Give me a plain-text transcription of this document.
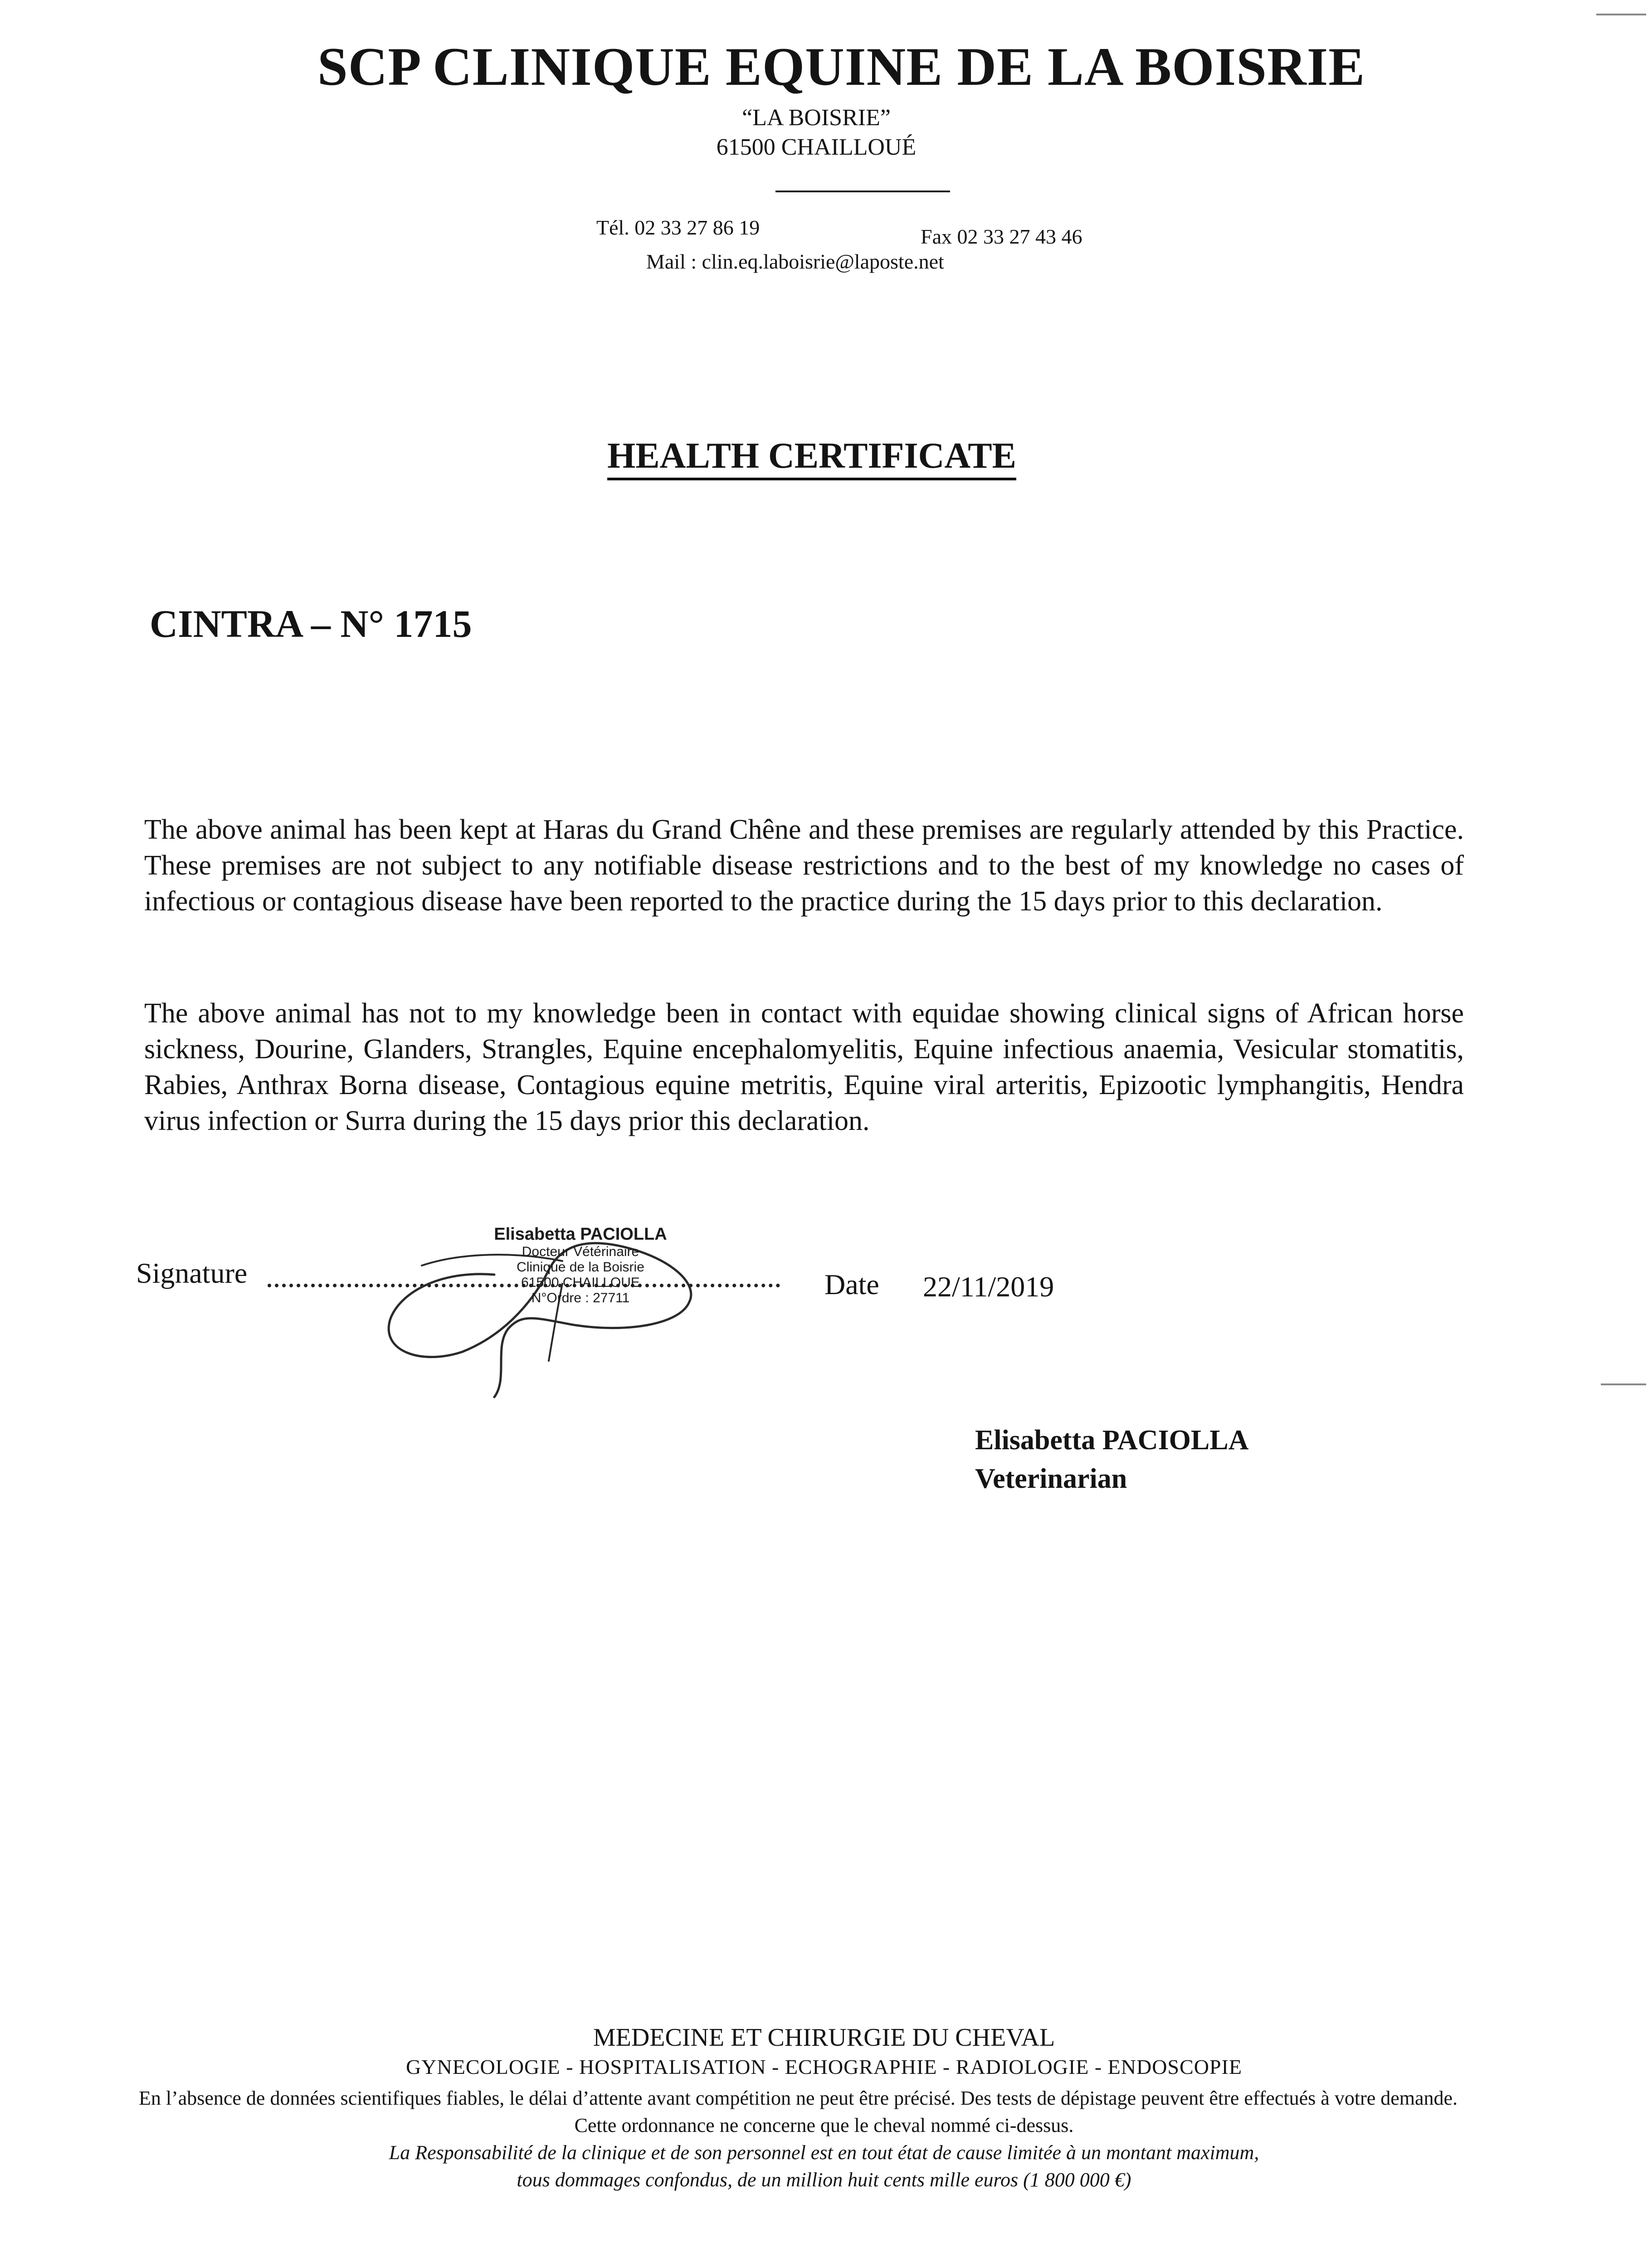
SCP CLINIQUE EQUINE DE LA BOISRIE
“LA BOISRIE”
61500 CHAILLOUÉ
Tél. 02 33 27 86 19	Fax 02 33 27 43 46
Mail : clin.eq.laboisrie@laposte.net
HEALTH CERTIFICATE
CINTRA – N° 1715
The above animal has been kept at Haras du Grand Chêne and these premises are regularly attended by this Practice. These premises are not subject to any notifiable disease restrictions and to the best of my knowledge no cases of infectious or contagious disease have been reported to the practice during the 15 days prior to this declaration.
The above animal has not to my knowledge been in contact with equidae showing clinical signs of African horse sickness, Dourine, Glanders, Strangles, Equine encephalomyelitis, Equine infectious anaemia, Vesicular stomatitis, Rabies, Anthrax Borna disease, Contagious equine metritis, Equine viral arteritis, Epizootic lymphangitis, Hendra virus infection or Surra during the 15 days prior this declaration.
Signature	Date 22/11/2019
Elisabetta PACIOLLA
Docteur Vétérinaire
Clinique de la Boisrie
61500 CHAILLOUE
N°Ordre : 27711
Elisabetta PACIOLLA
Veterinarian
MEDECINE ET CHIRURGIE DU CHEVAL
GYNECOLOGIE - HOSPITALISATION - ECHOGRAPHIE - RADIOLOGIE - ENDOSCOPIE
En l’absence de données scientifiques fiables, le délai d’attente avant compétition ne peut être précisé. Des tests de dépistage peuvent être effectués à votre demande.
Cette ordonnance ne concerne que le cheval nommé ci-dessus.
La Responsabilité de la clinique et de son personnel est en tout état de cause limitée à un montant maximum,
tous dommages confondus, de un million huit cents mille euros (1 800 000 €)
